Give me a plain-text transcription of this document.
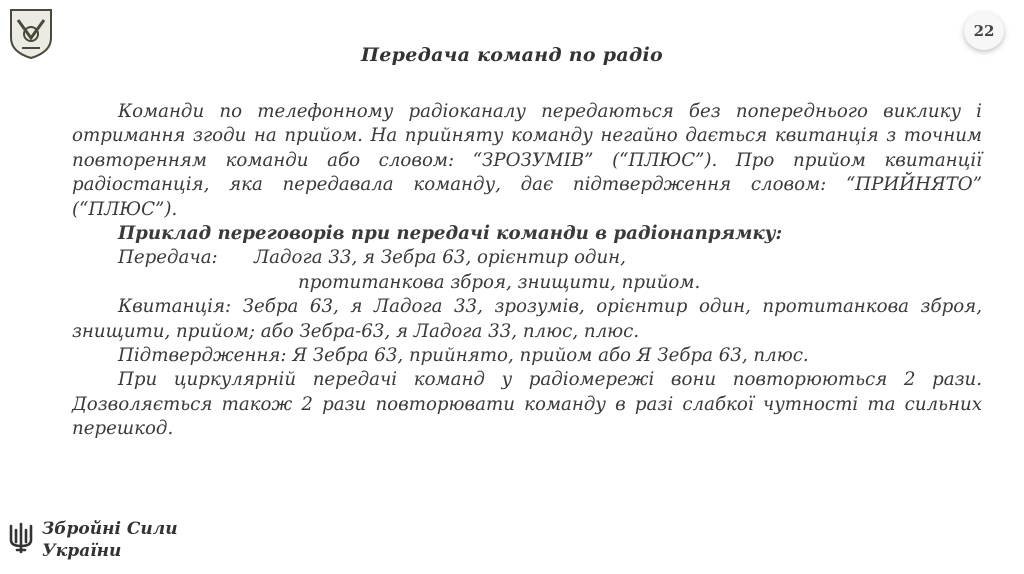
22
Передача команд по радіо

Команди по телефонному радіоканалу передаються без попереднього виклику і отримання згоди на прийом. На прийняту команду негайно дається квитанція з точним повторенням команди або словом: “ЗРОЗУМІВ” (“ПЛЮС”). Про прийом квитанції радіостанція, яка передавала команду, дає підтвердження словом: “ПРИЙНЯТО” (“ПЛЮС”).

Приклад переговорів при передачі команди в радіонапрямку:

Передача: Ладога 33, я Зебра 63, орієнтир один,
протитанкова зброя, знищити, прийом.

Квитанція: Зебра 63, я Ладога 33, зрозумів, орієнтир один, протитанкова зброя, знищити, прийом; або Зебра-63, я Ладога 33, плюс, плюс.

Підтвердження: Я Зебра 63, прийнято, прийом або Я Зебра 63, плюс.

При циркулярній передачі команд у радіомережі вони повторюються 2 рази. Дозволяється також 2 рази повторювати команду в разі слабкої чутності та сильних перешкод.

Збройні Сили
України
